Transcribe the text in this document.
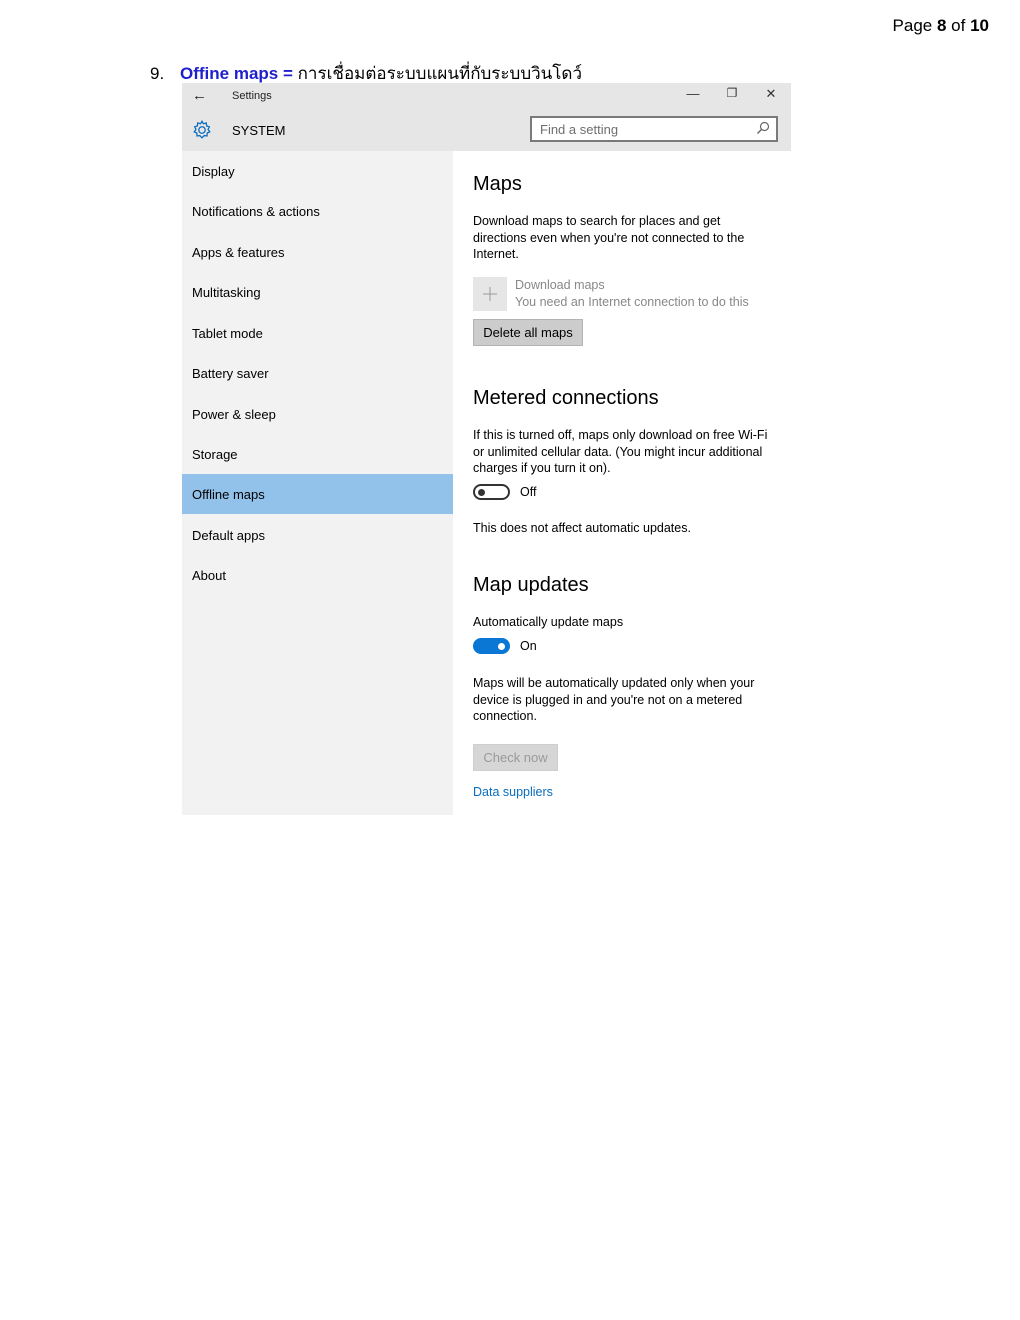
Page 8 of 10
9. Offine maps = การเชื่อมต่อระบบแผนที่กับระบบวินโดว์
← Settings	—	❐	✕
SYSTEM
Find a setting
Display
Notifications & actions
Apps & features
Multitasking
Tablet mode
Battery saver
Power & sleep
Storage
Offline maps
Default apps
About
Maps
Download maps to search for places and get directions even when you're not connected to the Internet.
Download maps
You need an Internet connection to do this
Delete all maps
Metered connections
If this is turned off, maps only download on free Wi-Fi or unlimited cellular data. (You might incur additional charges if you turn it on).
Off
This does not affect automatic updates.
Map updates
Automatically update maps
On
Maps will be automatically updated only when your device is plugged in and you're not on a metered connection.
Check now
Data suppliers
